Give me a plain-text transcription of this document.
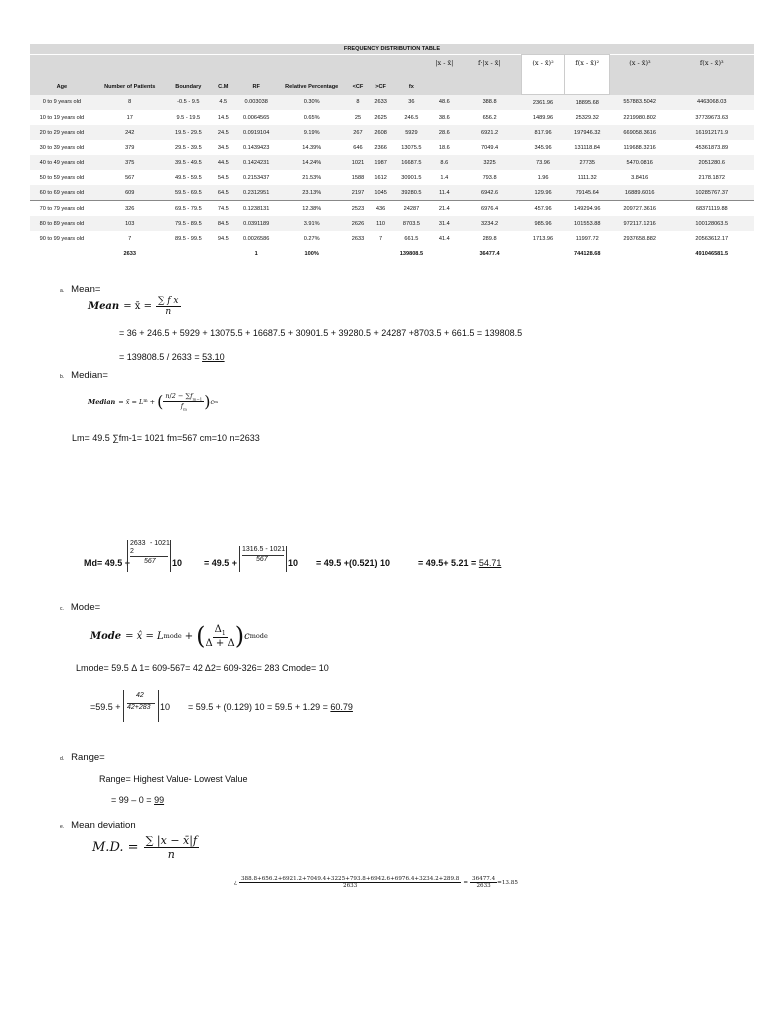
FREQUENCY DISTRIBUTION TABLE														
Age	Number of Patients	Boundary	C.M	RF	Relative Percentage	<CF	>CF	fx	|x - x̄|	f·|x - x̄|	(x - x̄)²	f(x - x̄)²	(x - x̄)³	f(x - x̄)³
0 to 9 years old	8	-0.5 - 9.5	4.5	0.003038	0.30%	8	2633	36	48.6	388.8	2361.96	18895.68	557883.5042	4463068.03
10 to 19 years old	17	9.5 - 19.5	14.5	0.0064565	0.65%	25	2625	246.5	38.6	656.2	1489.96	25329.32	2219980.802	37739673.63
20 to 29 years old	242	19.5 - 29.5	24.5	0.0919104	9.19%	267	2608	5929	28.6	6921.2	817.96	197946.32	669058.3616	161912171.9
30 to 39 years old	379	29.5 - 39.5	34.5	0.1439423	14.39%	646	2366	13075.5	18.6	7049.4	345.96	131118.84	119688.3216	45361873.89
40 to 49 years old	375	39.5 - 49.5	44.5	0.1424231	14.24%	1021	1987	16687.5	8.6	3225	73.96	27735	5470.0816	2051280.6
50 to 59 years old	567	49.5 - 59.5	54.5	0.2153437	21.53%	1588	1612	30901.5	1.4	793.8	1.96	1111.32	3.8416	2178.1872
60 to 69 years old	609	59.5 - 69.5	64.5	0.2312951	23.13%	2197	1045	39280.5	11.4	6942.6	129.96	79145.64	16889.6016	10285767.37
70 to 79 years old	326	69.5 - 79.5	74.5	0.1238131	12.38%	2523	436	24287	21.4	6976.4	457.96	149294.96	209727.3616	68371119.88
80 to 89 years old	103	79.5 - 89.5	84.5	0.0391189	3.91%	2626	110	8703.5	31.4	3234.2	985.96	101553.88	972117.1216	100128063.5
90 to 99 years old	7	89.5 - 99.5	94.5	0.0026586	0.27%	2633	7	661.5	41.4	289.8	1713.96	11997.72	2937658.882	20563612.17
	2633			1	100%			139808.5		36477.4		744128.68		491046581.5
a. Mean=
Mean = x̄ = $\frac{\text{∑ f x}}{n}$
= 36 + 246.5 + 5929 + 13075.5 + 16687.5 + 30901.5 + 39280.5 + 24287 +8703.5 + 661.5 = 139808.5
= 139808.5 / 2633 = 53.10
b. Median=
Median = x̃ = L m + ( $\frac{n/2 - \sum f_{m-1}}{f_m}$ ) c m
Lm= 49.5 ∑fm-1= 1021 fm=567 cm=10 n=2633
Md= 49.5 +
2633 - 1021
2
567 10 = 49.5 +
1316.5 - 1021
567 10 = 49.5 +(0.521) 10	= 49.5+ 5.21 = 54.71
c. Mode=
Mode = x̂ = L mode + ( $\frac{\Delta_1}{\Delta + \Delta}$ ) c mode
Lmode= 59.5 Δ 1= 609-567= 42 Δ2= 609-326= 283 Cmode= 10
=59.5 +
42
42+283 10 = 59.5 + (0.129) 10 = 59.5 + 1.29 = 60.79
d. Range=
Range= Highest Value- Lowest Value
= 99 – 0 = 99
e. Mean deviation
M.D. = $\frac{\sum |x - x̄|f}{n}$
¿
388.8+656.2+6921.2+7049.4+3225+793.8+6942.6+6976.4+3234.2+289.8
2633
= $\frac{36477.4}{2633} =13.85$
